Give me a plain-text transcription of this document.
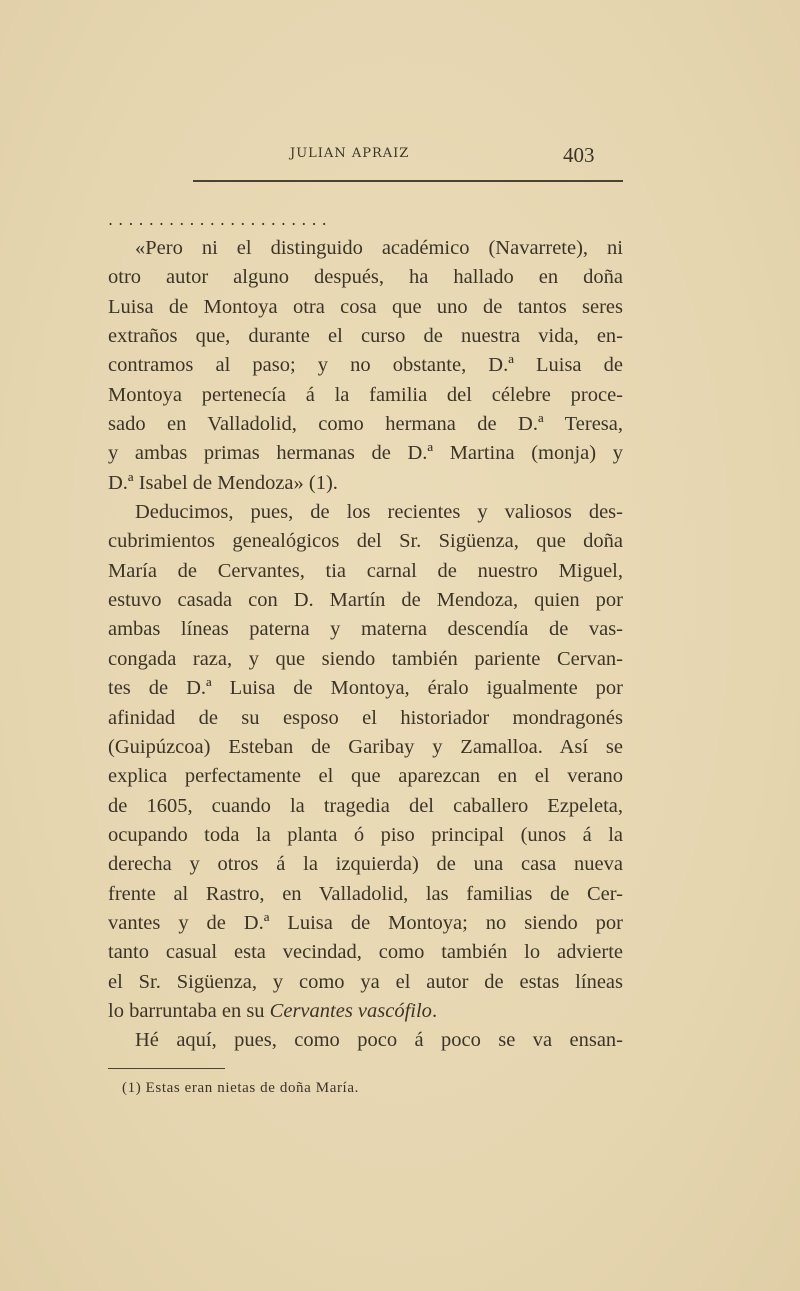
JULIAN APRAIZ	403
. . . . . . . . . . . . . . . . . . . . . .
«Pero ni el distinguido académico (Navarrete), ni
otro autor alguno después, ha hallado en doña
Luisa de Montoya otra cosa que uno de tantos seres
extraños que, durante el curso de nuestra vida, en-
contramos al paso; y no obstante, D.ª Luisa de
Montoya pertenecía á la familia del célebre proce-
sado en Valladolid, como hermana de D.ª Teresa,
y ambas primas hermanas de D.ª Martina (monja) y
D.ª Isabel de Mendoza» (1).
Deducimos, pues, de los recientes y valiosos des-
cubrimientos genealógicos del Sr. Sigüenza, que doña
María de Cervantes, tia carnal de nuestro Miguel,
estuvo casada con D. Martín de Mendoza, quien por
ambas líneas paterna y materna descendía de vas-
congada raza, y que siendo también pariente Cervan-
tes de D.ª Luisa de Montoya, éralo igualmente por
afinidad de su esposo el historiador mondragonés
(Guipúzcoa) Esteban de Garibay y Zamalloa. Así se
explica perfectamente el que aparezcan en el verano
de 1605, cuando la tragedia del caballero Ezpeleta,
ocupando toda la planta ó piso principal (unos á la
derecha y otros á la izquierda) de una casa nueva
frente al Rastro, en Valladolid, las familias de Cer-
vantes y de D.ª Luisa de Montoya; no siendo por
tanto casual esta vecindad, como también lo advierte
el Sr. Sigüenza, y como ya el autor de estas líneas
lo barruntaba en su Cervantes vascófilo.
Hé aquí, pues, como poco á poco se va ensan-
(1) Estas eran nietas de doña María.
